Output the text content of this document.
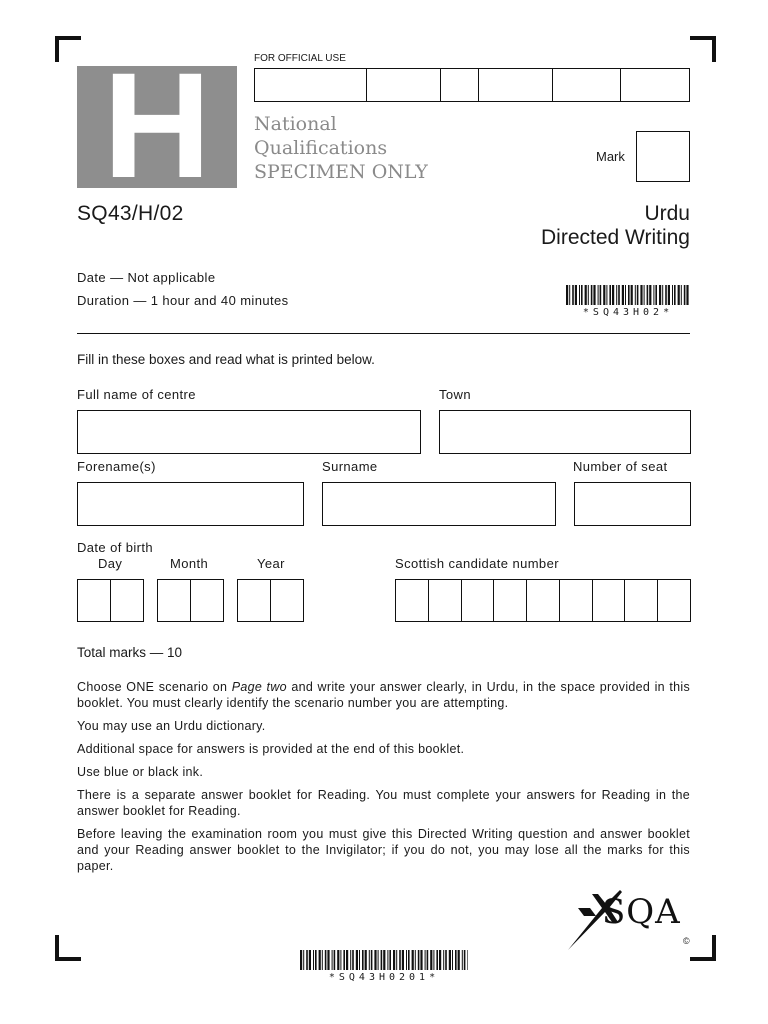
H	FOR OFFICIAL USE
National
Qualifications
SPECIMEN ONLY
Mark
SQ43/H/02	Urdu
Directed Writing
Date — Not applicable
Duration — 1 hour and 40 minutes
*SQ43H02*
Fill in these boxes and read what is printed below.
Full name of centre	Town
Forename(s)	Surname	Number of seat
Date of birth
Day	Month	Year	Scottish candidate number
Total marks — 10
Choose ONE scenario on Page two and write your answer clearly, in Urdu, in the space provided in this booklet. You must clearly identify the scenario number you are attempting.
You may use an Urdu dictionary.
Additional space for answers is provided at the end of this booklet.
Use blue or black ink.
There is a separate answer booklet for Reading. You must complete your answers for Reading in the answer booklet for Reading.
Before leaving the examination room you must give this Directed Writing question and answer booklet and your Reading answer booklet to the Invigilator; if you do not, you may lose all the marks for this paper.
SQA
©
*SQ43H0201*
